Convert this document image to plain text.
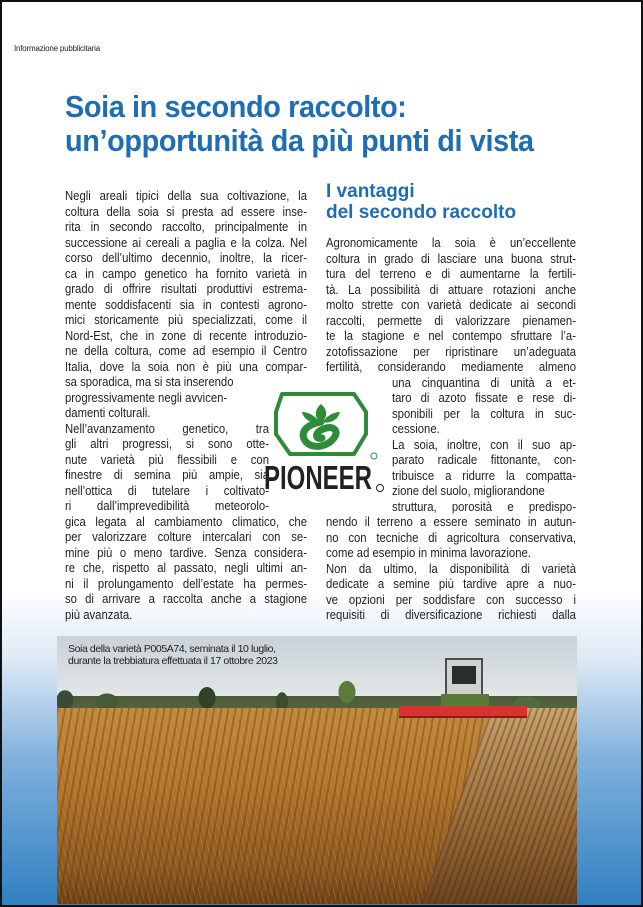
Informazione pubblicitaria
Soia in secondo raccolto:
un’opportunità da più punti di vista
Negli areali tipici della sua coltivazione, la
coltura della soia si presta ad essere inse-
rita in secondo raccolto, principalmente in
successione ai cereali a paglia e la colza. Nel
corso dell’ultimo decennio, inoltre, la ricer-
ca in campo genetico ha fornito varietà in
grado di offrire risultati produttivi estrema-
mente soddisfacenti sia in contesti agrono-
mici storicamente più specializzati, come il
Nord-Est, che in zone di recente introduzio-
ne della coltura, come ad esempio il Centro
Italia, dove la soia non è più una compar-
sa sporadica, ma si sta inserendo
progressivamente negli avvicen-
damenti colturali.
Nell’avanzamento genetico, tra
gli altri progressi, si sono otte-
nute varietà più flessibili e con
finestre di semina più ampie, sia
nell’ottica di tutelare i coltivato-
ri dall’imprevedibilità meteorolo-
gica legata al cambiamento climatico, che
per valorizzare colture intercalari con se-
mine più o meno tardive. Senza considera-
re che, rispetto al passato, negli ultimi an-
ni il prolungamento dell’estate ha permes-
so di arrivare a raccolta anche a stagione
più avanzata.
I vantaggi
del secondo raccolto
Agronomicamente la soia è un’eccellente
coltura in grado di lasciare una buona strut-
tura del terreno e di aumentarne la fertili-
tà. La possibilità di attuare rotazioni anche
molto strette con varietà dedicate ai secondi
raccolti, permette di valorizzare pienamen-
te la stagione e nel contempo sfruttare l’a-
zotofissazione per ripristinare un’adeguata
fertilità, considerando mediamente almeno
una cinquantina di unità a et-
taro di azoto fissate e rese di-
sponibili per la coltura in suc-
cessione.
La soia, inoltre, con il suo ap-
parato radicale fittonante, con-
tribuisce a ridurre la compatta-
zione del suolo, migliorandone
struttura, porosità e predispo-
nendo il terreno a essere seminato in autun-
no con tecniche di agricoltura conservativa,
come ad esempio in minima lavorazione.
Non da ultimo, la disponibilità di varietà
dedicate a semine più tardive apre a nuo-
ve opzioni per soddisfare con successo i
requisiti di diversificazione richiesti dalla
PIONEER
Soia della varietà P005A74, seminata il 10 luglio,
durante la trebbiatura effettuata il 17 ottobre 2023
